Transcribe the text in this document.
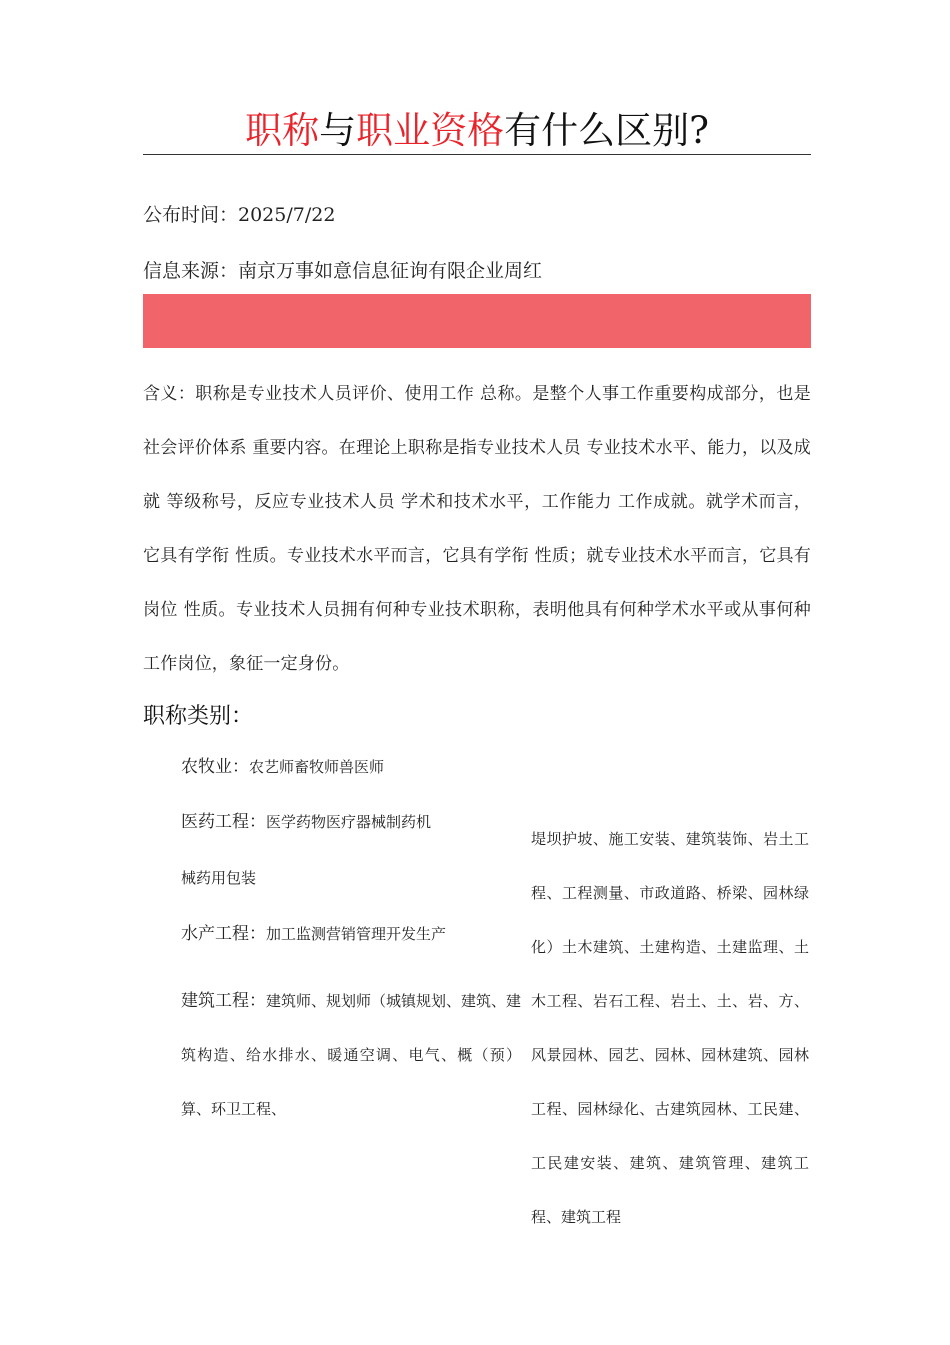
职称与职业资格有什么区别?
公布时间：2025/7/22
信息来源：南京万事如意信息征询有限企业周红
含义：职称是专业技术人员评价、使用工作 总称。是整个人事工作重要构成部分，也是社会评价体系 重要内容。在理论上职称是指专业技术人员 专业技术水平、能力，以及成就 等级称号，反应专业技术人员 学术和技术水平，工作能力 工作成就。就学术而言，它具有学衔 性质。专业技术水平而言，它具有学衔 性质；就专业技术水平而言，它具有岗位 性质。专业技术人员拥有何种专业技术职称，表明他具有何种学术水平或从事何种工作岗位，象征一定身份。
职称类别：
农牧业：农艺师畜牧师兽医师
医药工程：医学药物医疗器械制药机
械药用包装
水产工程：加工监测营销管理开发生产
建筑工程：建筑师、规划师（城镇规划、建筑、建筑构造、给水排水、暖通空调、电气、概（预）算、环卫工程、
堤坝护坡、施工安装、建筑装饰、岩土工程、工程测量、市政道路、桥梁、园林绿化）土木建筑、土建构造、土建监理、土木工程、岩石工程、岩土、土、岩、方、风景园林、园艺、园林、园林建筑、园林工程、园林绿化、古建筑园林、工民建、工民建安装、建筑、建筑管理、建筑工程、建筑工程
